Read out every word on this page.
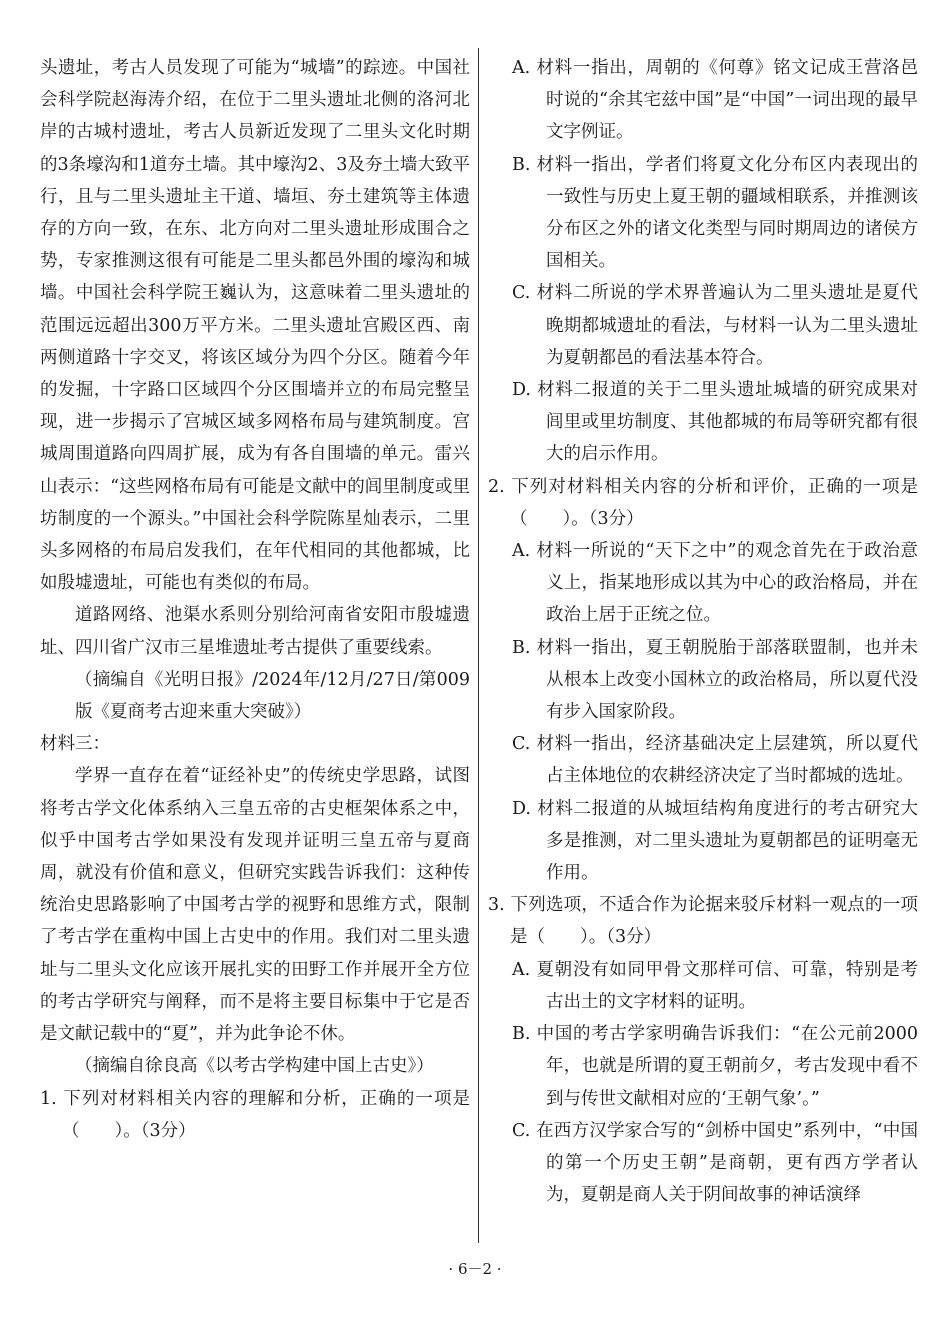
头遗址，考古人员发现了可能为“城墙”的踪迹。中国社会科学院赵海涛介绍，在位于二里头遗址北侧的洛河北岸的古城村遗址，考古人员新近发现了二里头文化时期的3条壕沟和1道夯土墙。其中壕沟2、3及夯土墙大致平行，且与二里头遗址主干道、墙垣、夯土建筑等主体遗存的方向一致，在东、北方向对二里头遗址形成围合之势，专家推测这很有可能是二里头都邑外围的壕沟和城墙。中国社会科学院王巍认为，这意味着二里头遗址的范围远远超出300万平方米。二里头遗址宫殿区西、南两侧道路十字交叉，将该区域分为四个分区。随着今年的发掘，十字路口区域四个分区围墙并立的布局完整呈现，进一步揭示了宫城区域多网格布局与建筑制度。宫城周围道路向四周扩展，成为有各自围墙的单元。雷兴山表示：“这些网格布局有可能是文献中的闾里制度或里坊制度的一个源头。”中国社会科学院陈星灿表示，二里头多网格的布局启发我们，在年代相同的其他都城，比如殷墟遗址，可能也有类似的布局。

道路网络、池渠水系则分别给河南省安阳市殷墟遗址、四川省广汉市三星堆遗址考古提供了重要线索。

（摘编自《光明日报》/2024年/12月/27日/第009版《夏商考古迎来重大突破》）

材料三：

学界一直存在着“证经补史”的传统史学思路，试图将考古学文化体系纳入三皇五帝的古史框架体系之中，似乎中国考古学如果没有发现并证明三皇五帝与夏商周，就没有价值和意义，但研究实践告诉我们：这种传统治史思路影响了中国考古学的视野和思维方式，限制了考古学在重构中国上古史中的作用。我们对二里头遗址与二里头文化应该开展扎实的田野工作并展开全方位的考古学研究与阐释，而不是将主要目标集中于它是否是文献记载中的“夏”，并为此争论不休。

（摘编自徐良高《以考古学构建中国上古史》）

1. 下列对材料相关内容的理解和分析，正确的一项是（　　）。（3分）

A. 材料一指出，周朝的《何尊》铭文记成王营洛邑时说的“余其宅兹中国”是“中国”一词出现的最早文字例证。

B. 材料一指出，学者们将夏文化分布区内表现出的一致性与历史上夏王朝的疆域相联系，并推测该分布区之外的诸文化类型与同时期周边的诸侯方国相关。

C. 材料二所说的学术界普遍认为二里头遗址是夏代晚期都城遗址的看法，与材料一认为二里头遗址为夏朝都邑的看法基本符合。

D. 材料二报道的关于二里头遗址城墙的研究成果对闾里或里坊制度、其他都城的布局等研究都有很大的启示作用。

2. 下列对材料相关内容的分析和评价，正确的一项是（　　）。（3分）

A. 材料一所说的“天下之中”的观念首先在于政治意义上，指某地形成以其为中心的政治格局，并在政治上居于正统之位。

B. 材料一指出，夏王朝脱胎于部落联盟制，也并未从根本上改变小国林立的政治格局，所以夏代没有步入国家阶段。

C. 材料一指出，经济基础决定上层建筑，所以夏代占主体地位的农耕经济决定了当时都城的选址。

D. 材料二报道的从城垣结构角度进行的考古研究大多是推测，对二里头遗址为夏朝都邑的证明毫无作用。

3. 下列选项，不适合作为论据来驳斥材料一观点的一项是（　　）。（3分）

A. 夏朝没有如同甲骨文那样可信、可靠，特别是考古出土的文字材料的证明。

B. 中国的考古学家明确告诉我们：“在公元前2000年，也就是所谓的夏王朝前夕，考古发现中看不到与传世文献相对应的‘王朝气象’。”

C. 在西方汉学家合写的“剑桥中国史”系列中，“中国的第一个历史王朝”是商朝，更有西方学者认为，夏朝是商人关于阴间故事的神话演绎

· 6－2 ·
